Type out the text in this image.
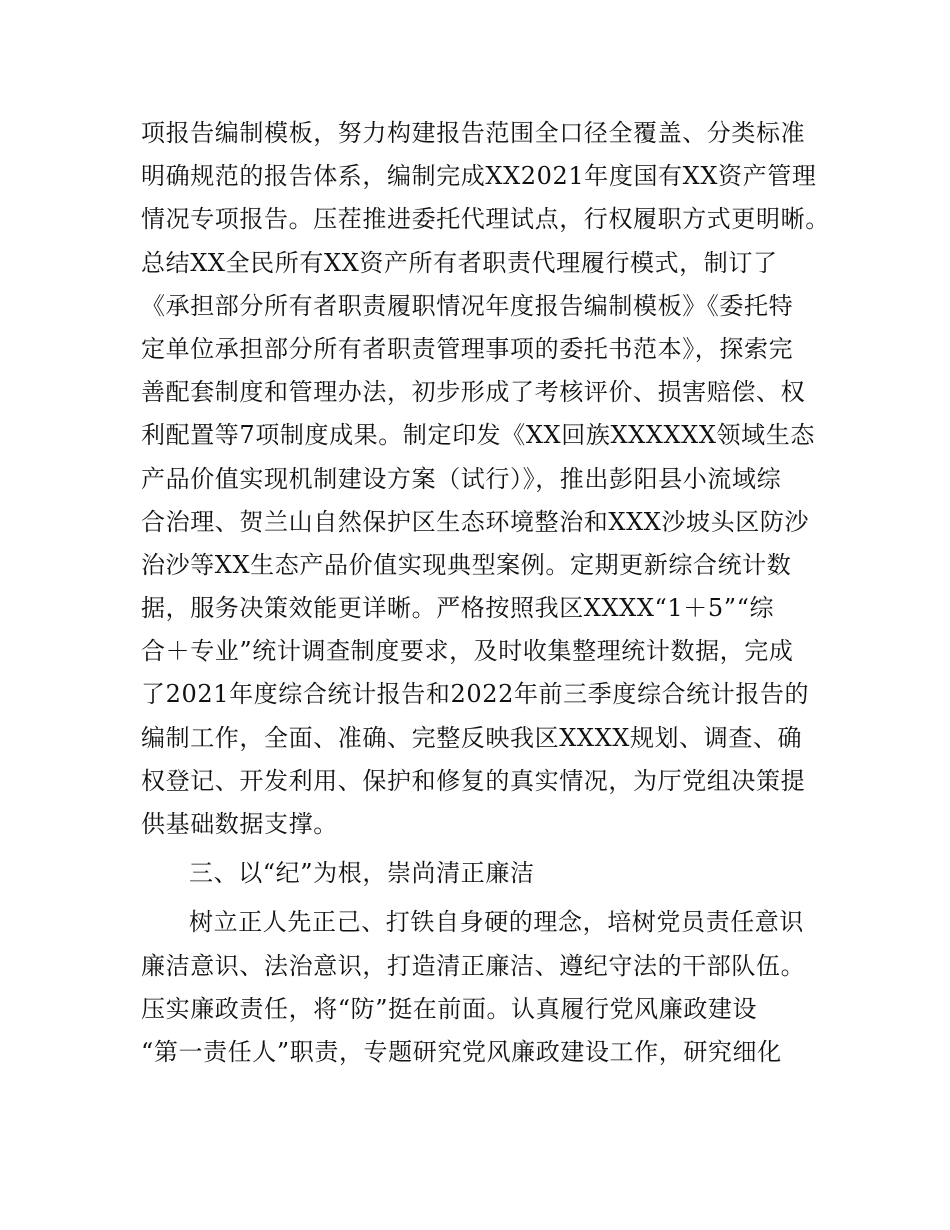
项报告编制模板，努力构建报告范围全口径全覆盖、分类标准
明确规范的报告体系，编制完成XX2021年度国有XX资产管理
情况专项报告。压茬推进委托代理试点，行权履职方式更明晰。
总结XX全民所有XX资产所有者职责代理履行模式，制订了
《承担部分所有者职责履职情况年度报告编制模板》《委托特
定单位承担部分所有者职责管理事项的委托书范本》，探索完
善配套制度和管理办法，初步形成了考核评价、损害赔偿、权
利配置等7项制度成果。制定印发《XX回族XXXXXX领域生态
产品价值实现机制建设方案（试行）》，推出彭阳县小流域综
合治理、贺兰山自然保护区生态环境整治和XXX沙坡头区防沙
治沙等XX生态产品价值实现典型案例。定期更新综合统计数
据，服务决策效能更详晰。严格按照我区XXXX“1＋5”“综
合＋专业”统计调查制度要求，及时收集整理统计数据，完成
了2021年度综合统计报告和2022年前三季度综合统计报告的
编制工作，全面、准确、完整反映我区XXXX规划、调查、确
权登记、开发利用、保护和修复的真实情况，为厅党组决策提
供基础数据支撑。
三、以“纪”为根，崇尚清正廉洁
树立正人先正己、打铁自身硬的理念，培树党员责任意识
廉洁意识、法治意识，打造清正廉洁、遵纪守法的干部队伍。
压实廉政责任，将“防”挺在前面。认真履行党风廉政建设
“第一责任人”职责，专题研究党风廉政建设工作，研究细化
